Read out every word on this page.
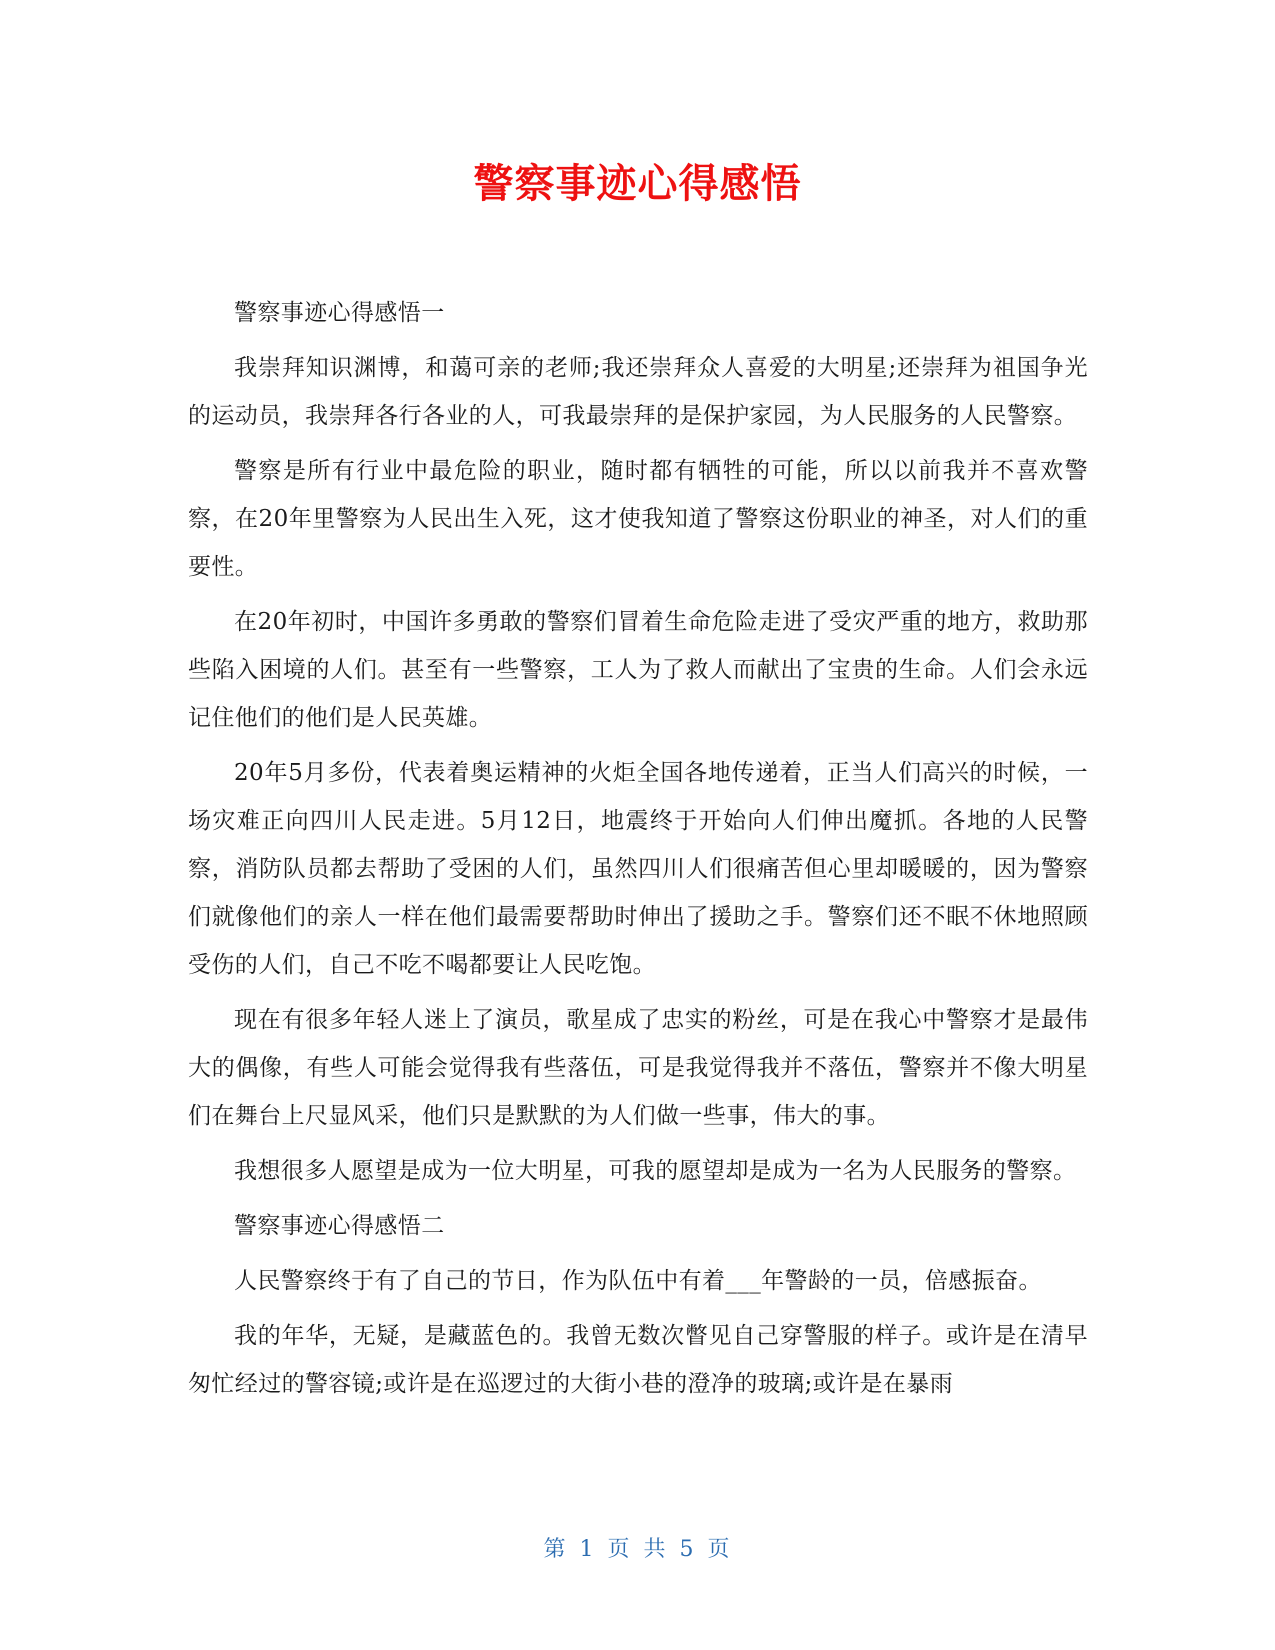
警察事迹心得感悟

警察事迹心得感悟一

我崇拜知识渊博，和蔼可亲的老师;我还崇拜众人喜爱的大明星;还崇拜为祖国争光的运动员，我崇拜各行各业的人，可我最崇拜的是保护家园，为人民服务的人民警察。

警察是所有行业中最危险的职业，随时都有牺牲的可能，所以以前我并不喜欢警察，在20年里警察为人民出生入死，这才使我知道了警察这份职业的神圣，对人们的重要性。

在20年初时，中国许多勇敢的警察们冒着生命危险走进了受灾严重的地方，救助那些陷入困境的人们。甚至有一些警察，工人为了救人而献出了宝贵的生命。人们会永远记住他们的他们是人民英雄。

20年5月多份，代表着奥运精神的火炬全国各地传递着，正当人们高兴的时候，一场灾难正向四川人民走进。5月12日，地震终于开始向人们伸出魔抓。各地的人民警察，消防队员都去帮助了受困的人们，虽然四川人们很痛苦但心里却暖暖的，因为警察们就像他们的亲人一样在他们最需要帮助时伸出了援助之手。警察们还不眠不休地照顾受伤的人们，自己不吃不喝都要让人民吃饱。

现在有很多年轻人迷上了演员，歌星成了忠实的粉丝，可是在我心中警察才是最伟大的偶像，有些人可能会觉得我有些落伍，可是我觉得我并不落伍，警察并不像大明星们在舞台上尺显风采，他们只是默默的为人们做一些事，伟大的事。

我想很多人愿望是成为一位大明星，可我的愿望却是成为一名为人民服务的警察。

警察事迹心得感悟二

人民警察终于有了自己的节日，作为队伍中有着___年警龄的一员，倍感振奋。

我的年华，无疑，是藏蓝色的。我曾无数次瞥见自己穿警服的样子。或许是在清早匆忙经过的警容镜;或许是在巡逻过的大街小巷的澄净的玻璃;或许是在暴雨

第 1 页 共 5 页
